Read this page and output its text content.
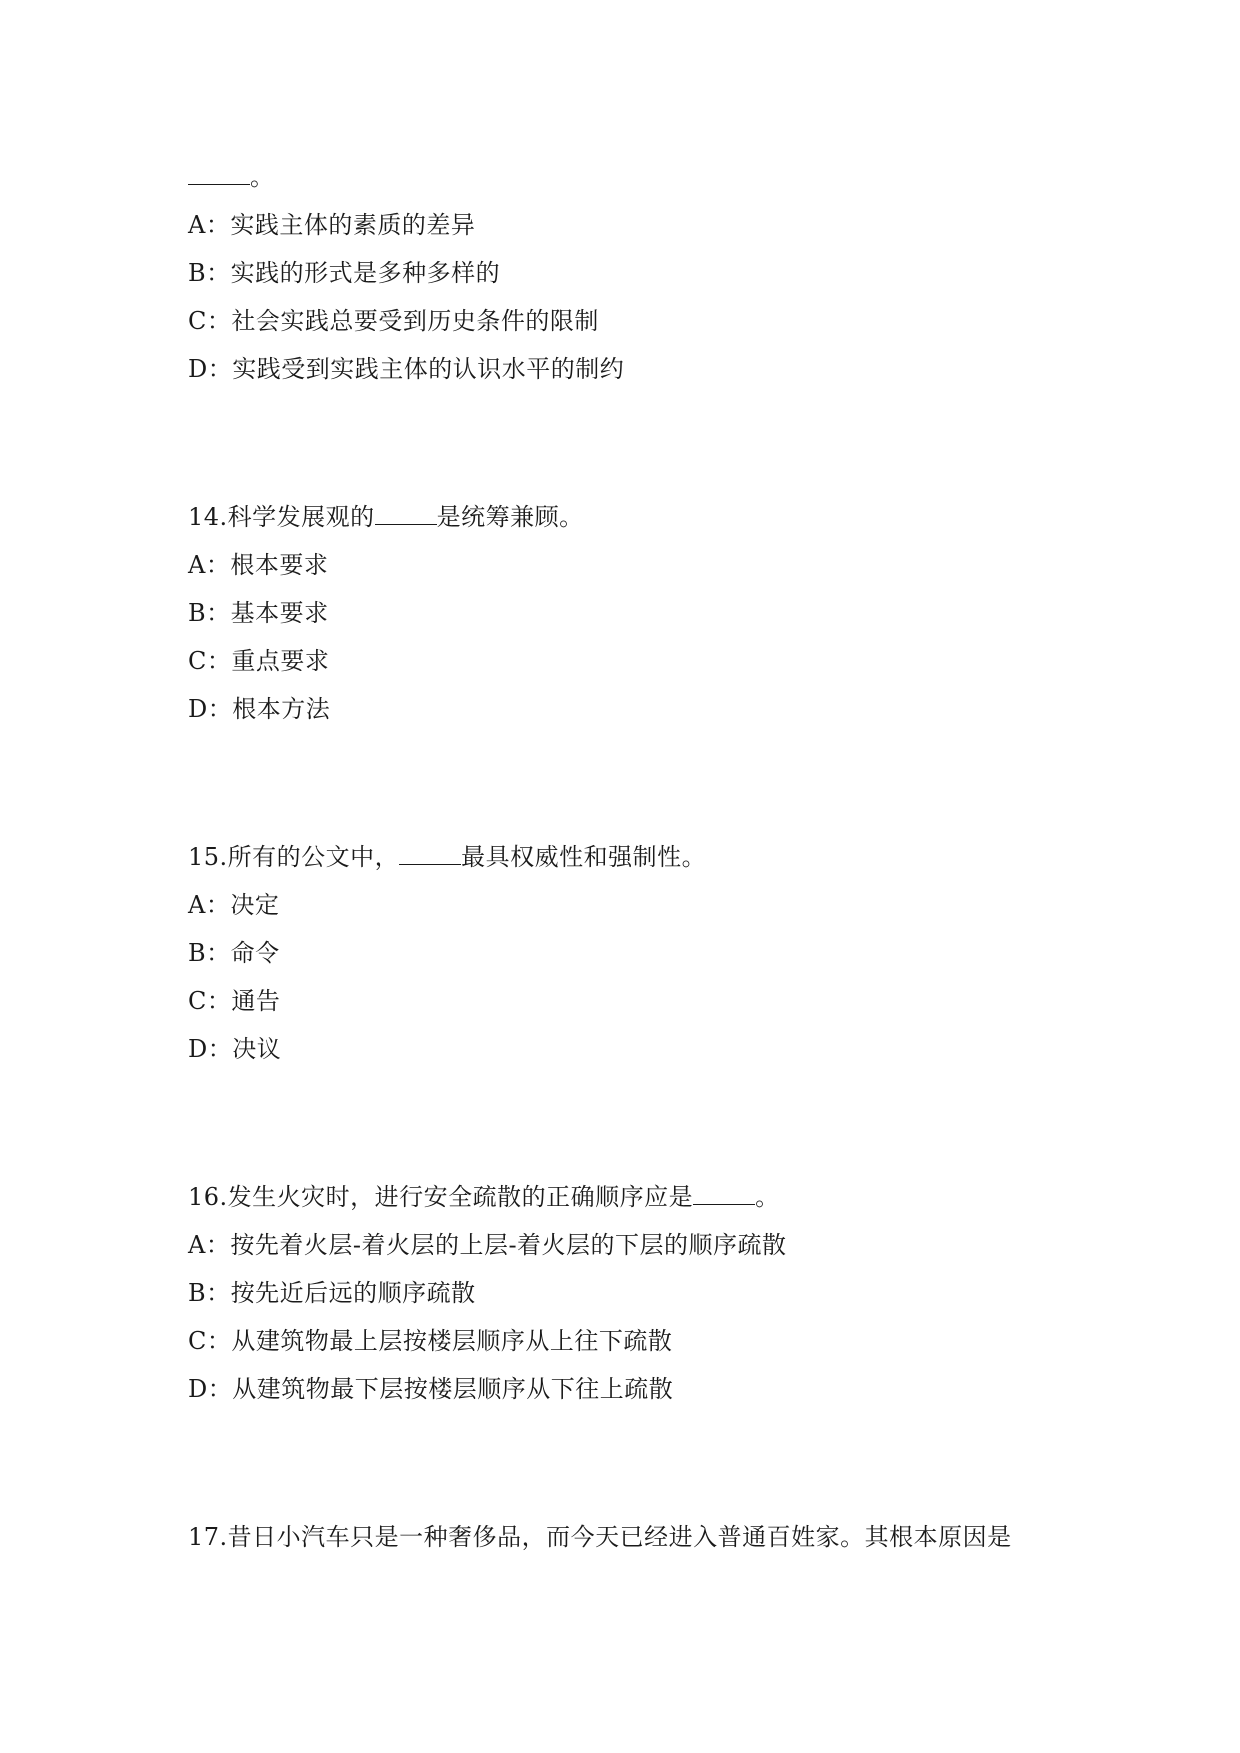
。
A：实践主体的素质的差异
B：实践的形式是多种多样的
C：社会实践总要受到历史条件的限制
D：实践受到实践主体的认识水平的制约
14.科学发展观的	是统筹兼顾。
A：根本要求
B：基本要求
C：重点要求
D：根本方法
15.所有的公文中，	最具权威性和强制性。
A：决定
B：命令
C：通告
D：决议
16.发生火灾时，进行安全疏散的正确顺序应是	。
A：按先着火层-着火层的上层-着火层的下层的顺序疏散
B：按先近后远的顺序疏散
C：从建筑物最上层按楼层顺序从上往下疏散
D：从建筑物最下层按楼层顺序从下往上疏散
17.昔日小汽车只是一种奢侈品，而今天已经进入普通百姓家。其根本原因是
